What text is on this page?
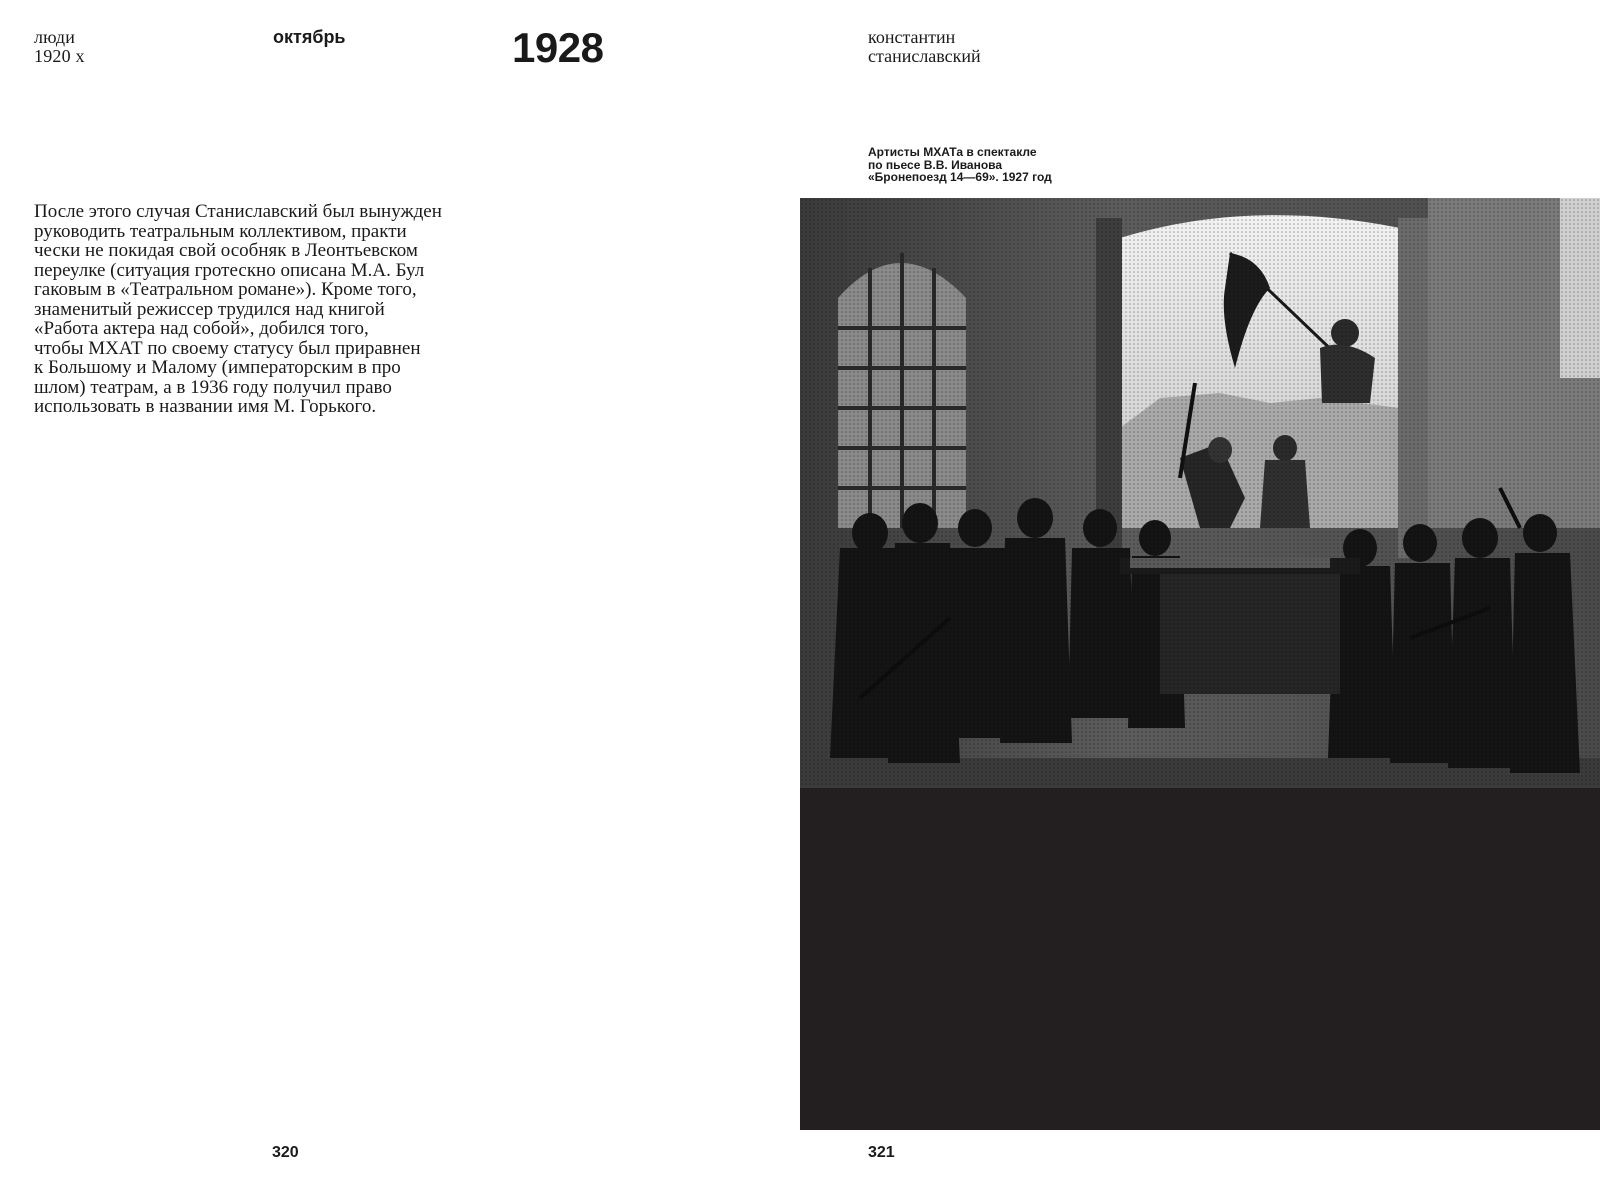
люди
1920 х
октябрь	1928
После этого случая Станиславский был вынужден
руководить театральным коллективом, практи
чески не покидая свой особняк в Леонтьевском
переулке (ситуация гротескно описана М.А. Бул
гаковым в «Театральном романе»). Кроме того,
знаменитый режиссер трудился над книгой
«Работа актера над собой», добился того,
чтобы МХАТ по своему статусу был приравнен
к Большому и Малому (императорским в про
шлом) театрам, а в 1936 году получил право
использовать в названии имя М. Горького.
320
константин
станиславский
Артисты МХАТа в спектакле
по пьесе В.В. Иванова
«Бронепоезд 14—69». 1927 год
321
